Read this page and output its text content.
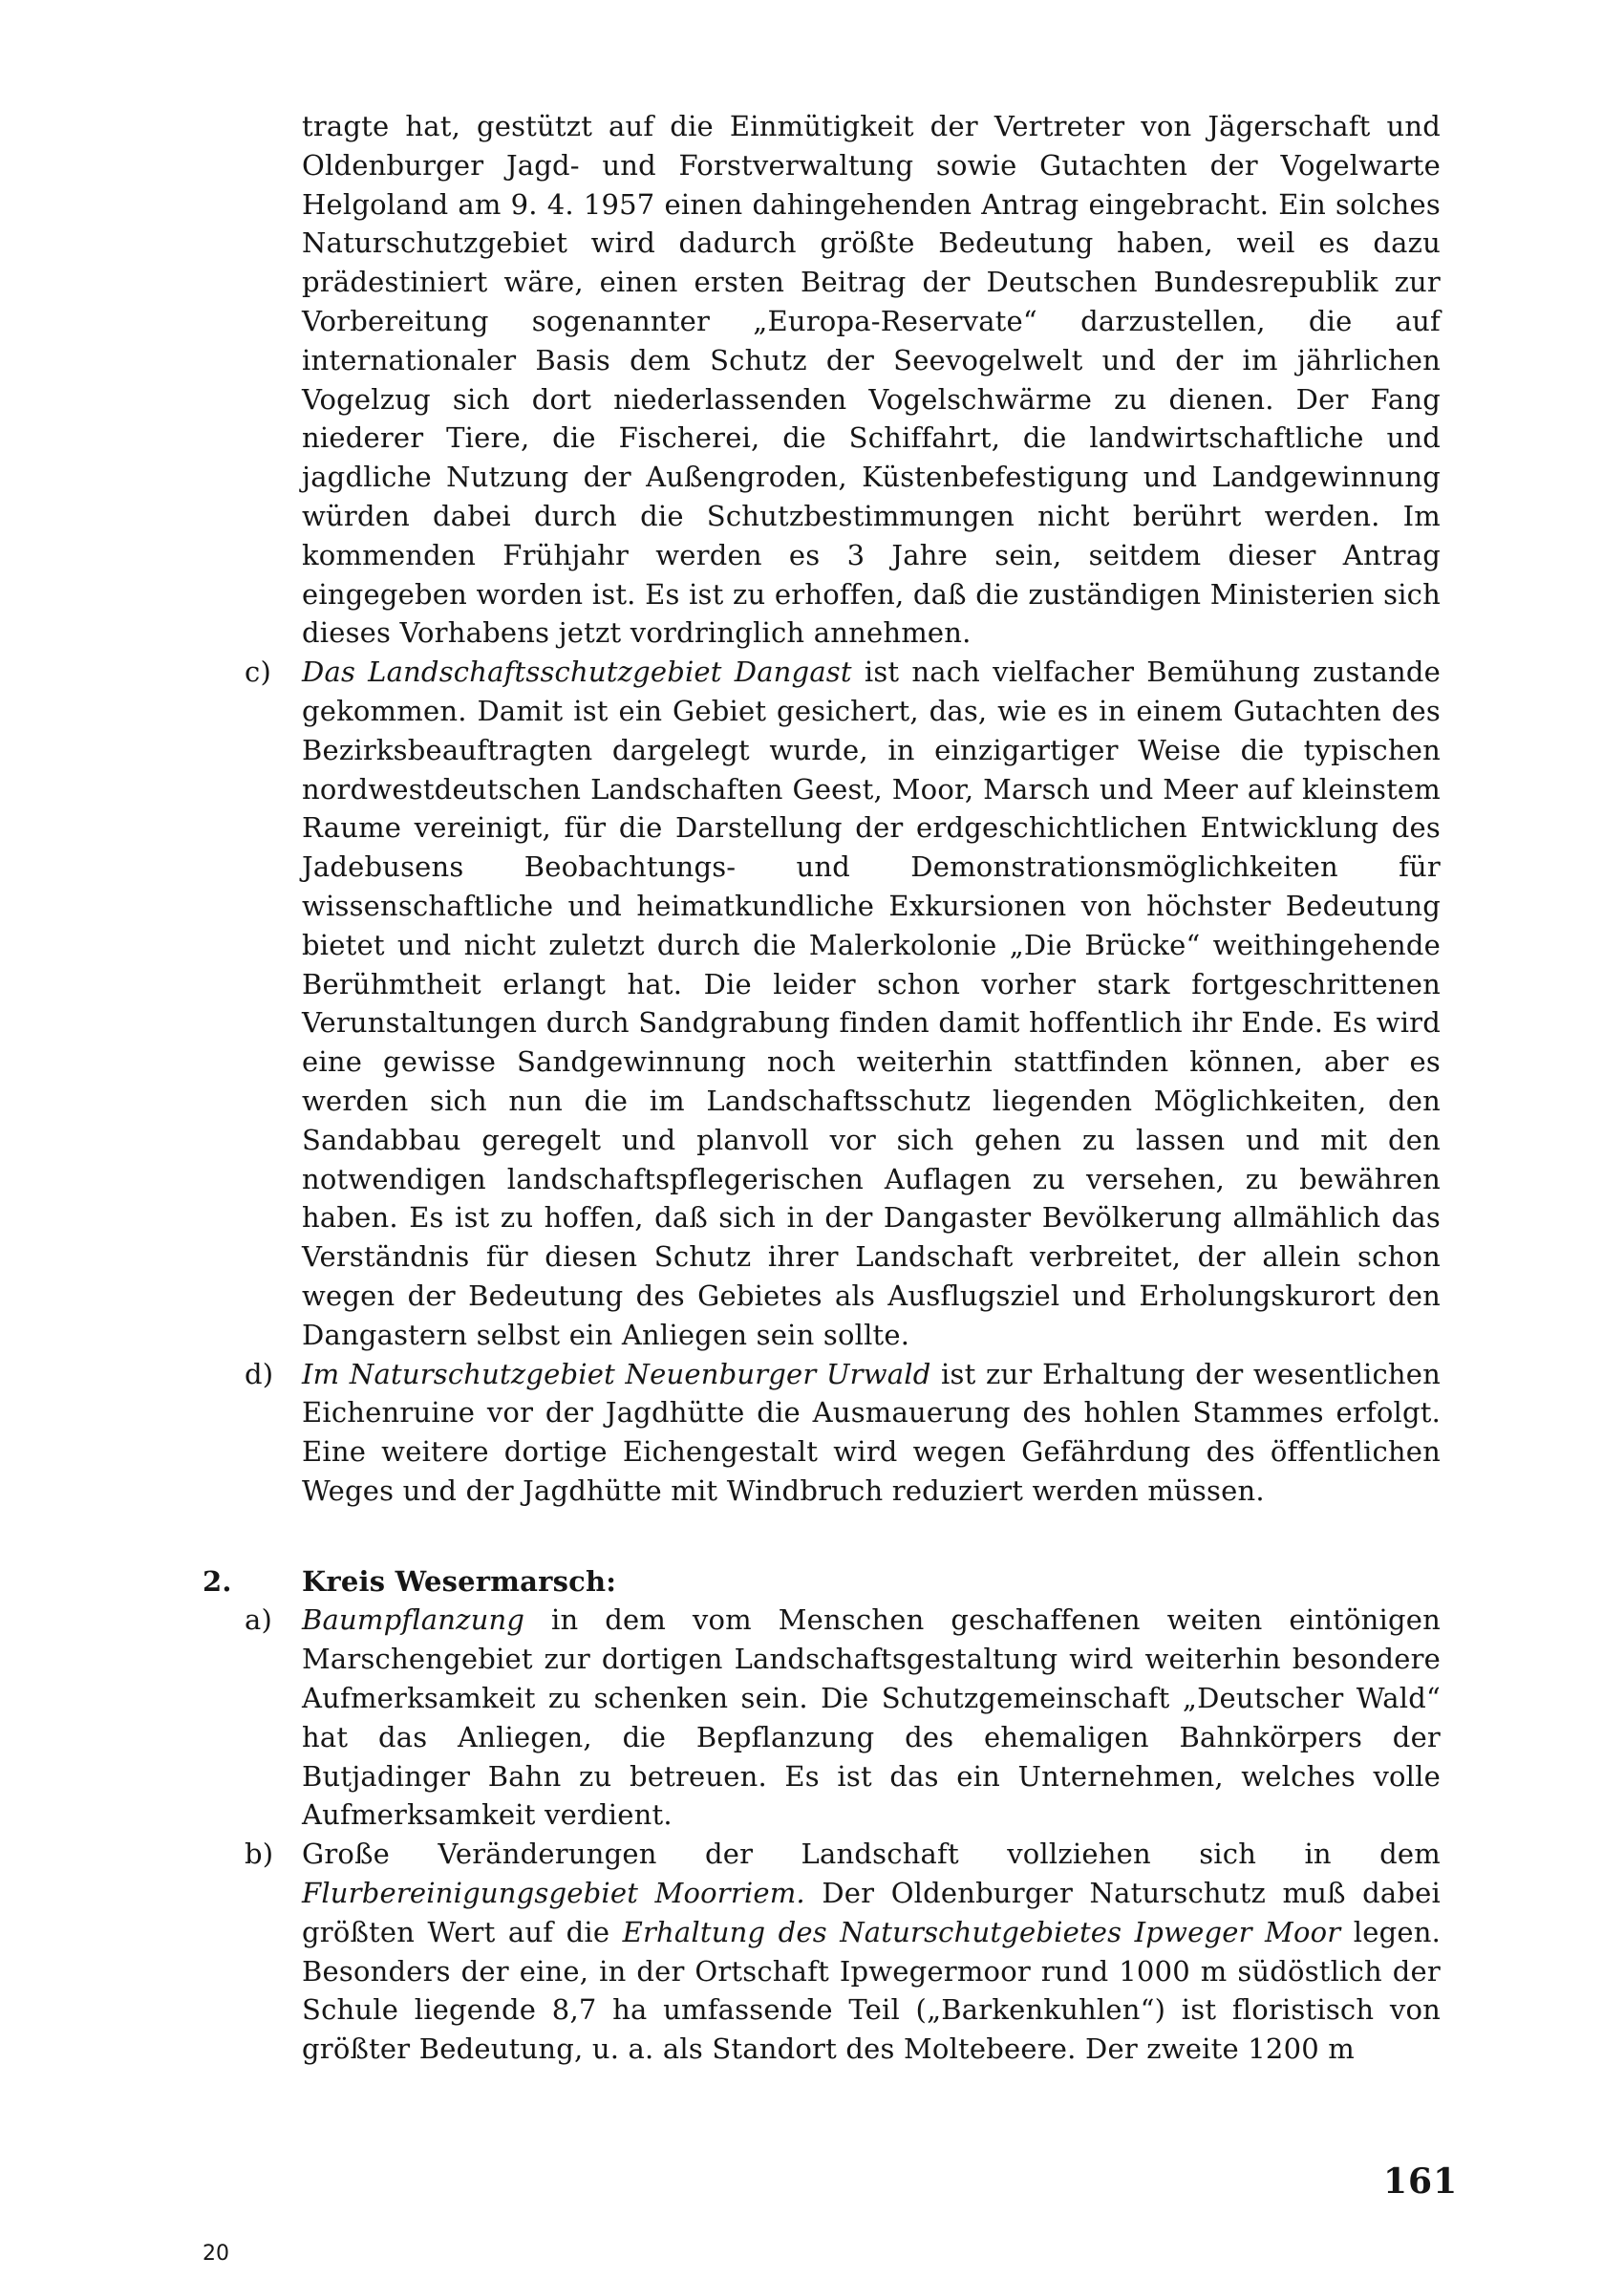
tragte hat, gestützt auf die Einmütigkeit der Vertreter von Jägerschaft und Oldenburger Jagd- und Forstverwaltung sowie Gutachten der Vogelwarte Helgoland am 9. 4. 1957 einen dahingehenden Antrag eingebracht. Ein solches Naturschutzgebiet wird dadurch größte Bedeutung haben, weil es dazu prädestiniert wäre, einen ersten Beitrag der Deutschen Bundesrepublik zur Vorbereitung sogenannter „Europa-Reservate“ darzustellen, die auf internationaler Basis dem Schutz der Seevogelwelt und der im jährlichen Vogelzug sich dort niederlassenden Vogelschwärme zu dienen. Der Fang niederer Tiere, die Fischerei, die Schiffahrt, die landwirtschaftliche und jagdliche Nutzung der Außengroden, Küstenbefestigung und Landgewinnung würden dabei durch die Schutzbestimmungen nicht berührt werden. Im kommenden Frühjahr werden es 3 Jahre sein, seitdem dieser Antrag eingegeben worden ist. Es ist zu erhoffen, daß die zuständigen Ministerien sich dieses Vorhabens jetzt vordringlich annehmen.

c) Das Landschaftsschutzgebiet Dangast ist nach vielfacher Bemühung zustande gekommen. Damit ist ein Gebiet gesichert, das, wie es in einem Gutachten des Bezirksbeauftragten dargelegt wurde, in einzigartiger Weise die typischen nordwestdeutschen Landschaften Geest, Moor, Marsch und Meer auf kleinstem Raume vereinigt, für die Darstellung der erdgeschichtlichen Entwicklung des Jadebusens Beobachtungs- und Demonstrationsmöglichkeiten für wissenschaftliche und heimatkundliche Exkursionen von höchster Bedeutung bietet und nicht zuletzt durch die Malerkolonie „Die Brücke“ weithingehende Berühmtheit erlangt hat. Die leider schon vorher stark fortgeschrittenen Verunstaltungen durch Sandgrabung finden damit hoffentlich ihr Ende. Es wird eine gewisse Sandgewinnung noch weiterhin stattfinden können, aber es werden sich nun die im Landschaftsschutz liegenden Möglichkeiten, den Sandabbau geregelt und planvoll vor sich gehen zu lassen und mit den notwendigen landschaftspflegerischen Auflagen zu versehen, zu bewähren haben. Es ist zu hoffen, daß sich in der Dangaster Bevölkerung allmählich das Verständnis für diesen Schutz ihrer Landschaft verbreitet, der allein schon wegen der Bedeutung des Gebietes als Ausflugsziel und Erholungskurort den Dangastern selbst ein Anliegen sein sollte.

d) Im Naturschutzgebiet Neuenburger Urwald ist zur Erhaltung der wesentlichen Eichenruine vor der Jagdhütte die Ausmauerung des hohlen Stammes erfolgt. Eine weitere dortige Eichengestalt wird wegen Gefährdung des öffentlichen Weges und der Jagdhütte mit Windbruch reduziert werden müssen.

2.	Kreis Wesermarsch:
a) Baumpflanzung in dem vom Menschen geschaffenen weiten eintönigen Marschengebiet zur dortigen Landschaftsgestaltung wird weiterhin besondere Aufmerksamkeit zu schenken sein. Die Schutzgemeinschaft „Deutscher Wald“ hat das Anliegen, die Bepflanzung des ehemaligen Bahnkörpers der Butjadinger Bahn zu betreuen. Es ist das ein Unternehmen, welches volle Aufmerksamkeit verdient.

b) Große Veränderungen der Landschaft vollziehen sich in dem Flurbereinigungsgebiet Moorriem. Der Oldenburger Naturschutz muß dabei größten Wert auf die Erhaltung des Naturschutgebietes Ipweger Moor legen. Besonders der eine, in der Ortschaft Ipwegermoor rund 1000 m südöstlich der Schule liegende 8,7 ha umfassende Teil („Barkenkuhlen“) ist floristisch von größter Bedeutung, u. a. als Standort des Moltebeere. Der zweite 1200 m

161
20
